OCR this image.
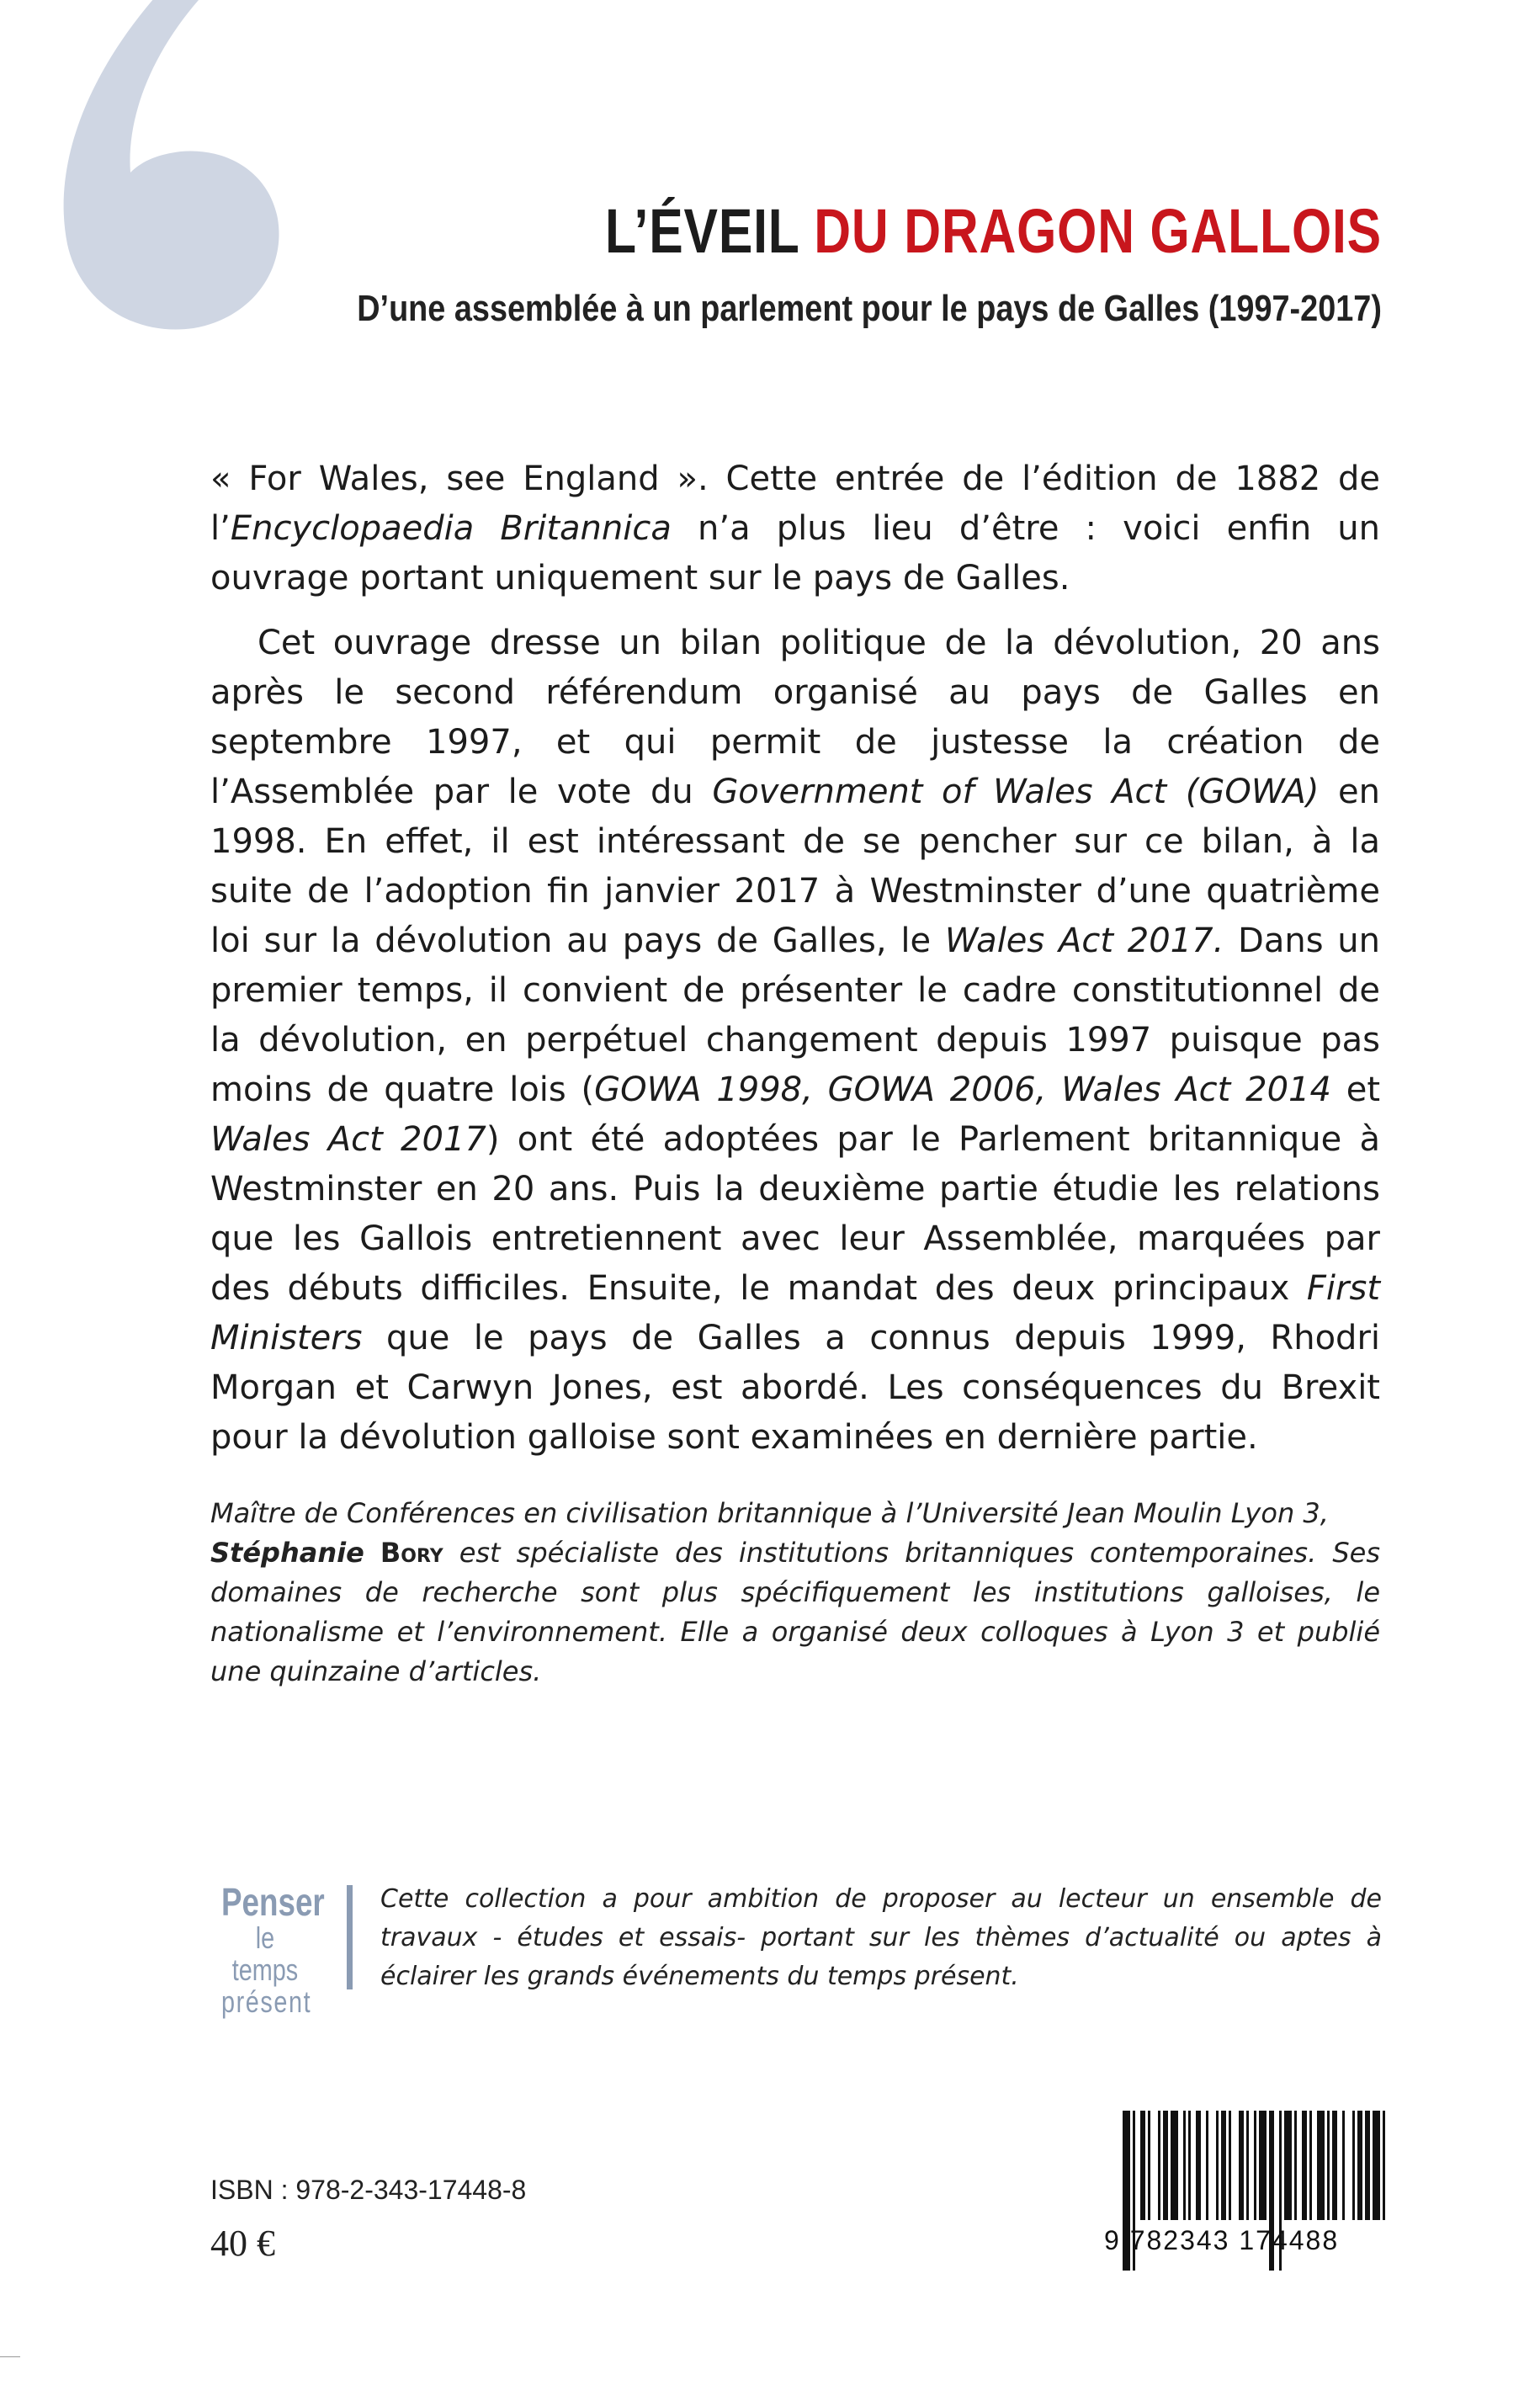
L’ÉVEIL DU DRAGON GALLOIS
D’une assemblée à un parlement pour le pays de Galles (1997-2017)

« For Wales, see England ». Cette entrée de l’édition de 1882 de l’Encyclopaedia Britannica n’a plus lieu d’être : voici enfin un ouvrage portant uniquement sur le pays de Galles.

Cet ouvrage dresse un bilan politique de la dévolution, 20 ans après le second référendum organisé au pays de Galles en septembre 1997, et qui permit de justesse la création de l’Assemblée par le vote du Government of Wales Act (GOWA) en 1998. En effet, il est intéressant de se pencher sur ce bilan, à la suite de l’adoption fin janvier 2017 à Westminster d’une quatrième loi sur la dévolution au pays de Galles, le Wales Act 2017. Dans un premier temps, il convient de présenter le cadre constitutionnel de la dévolution, en perpétuel changement depuis 1997 puisque pas moins de quatre lois (GOWA 1998, GOWA 2006, Wales Act 2014 et Wales Act 2017) ont été adoptées par le Parlement britannique à Westminster en 20 ans. Puis la deuxième partie étudie les relations que les Gallois entretiennent avec leur Assemblée, marquées par des débuts difficiles. Ensuite, le mandat des deux principaux First Ministers que le pays de Galles a connus depuis 1999, Rhodri Morgan et Carwyn Jones, est abordé. Les conséquences du Brexit pour la dévolution galloise sont examinées en dernière partie.

Maître de Conférences en civilisation britannique à l’Université Jean Moulin Lyon 3,
Stéphanie Bory est spécialiste des institutions britanniques contemporaines. Ses domaines de recherche sont plus spécifiquement les institutions galloises, le nationalisme et l’environnement. Elle a organisé deux colloques à Lyon 3 et publié une quinzaine d’articles.
Penser
le temps
présent
Cette collection a pour ambition de proposer au lecteur un ensemble de travaux - études et essais- portant sur les thèmes d’actualité ou aptes à éclairer les grands événements du temps présent.
ISBN : 978-2-343-17448-8
40 €	9 782343 174488
